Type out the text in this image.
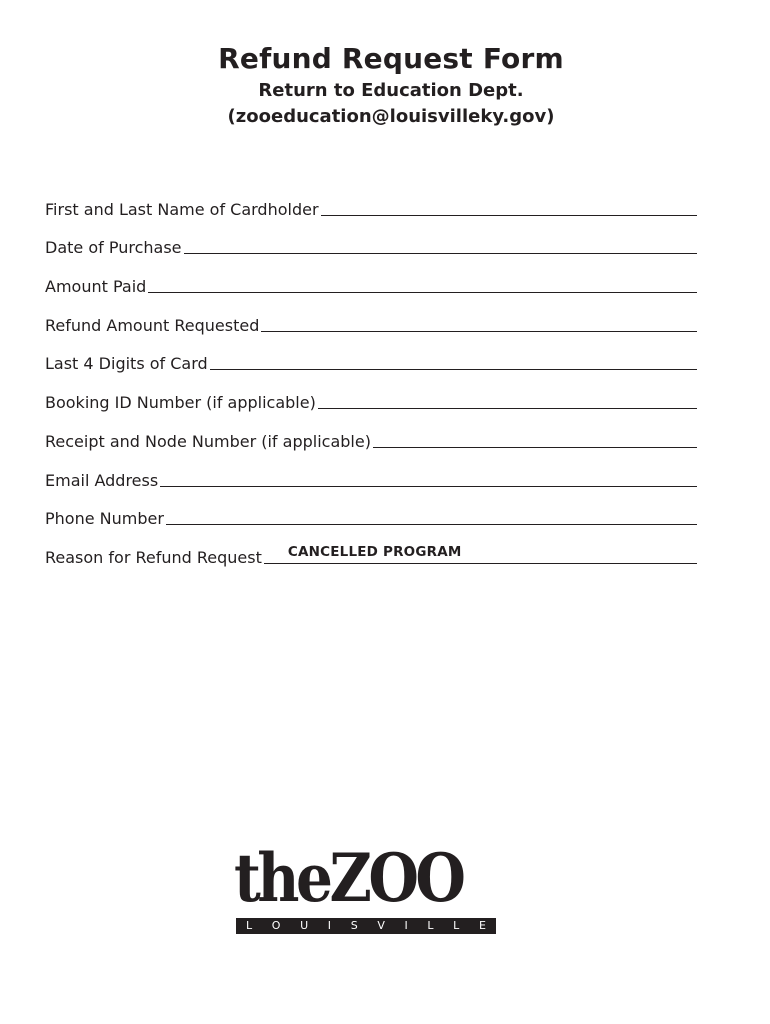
Refund Request Form

Return to Education Dept.

(zooeducation@louisvilleky.gov)

First and Last Name of Cardholder
Date of Purchase
Amount Paid
Refund Amount Requested
Last 4 Digits of Card
Booking ID Number (if applicable)
Receipt and Node Number (if applicable)
Email Address
Phone Number
Reason for Refund Request CANCELLED PROGRAM
theZOO
L O U I S V I L L E
